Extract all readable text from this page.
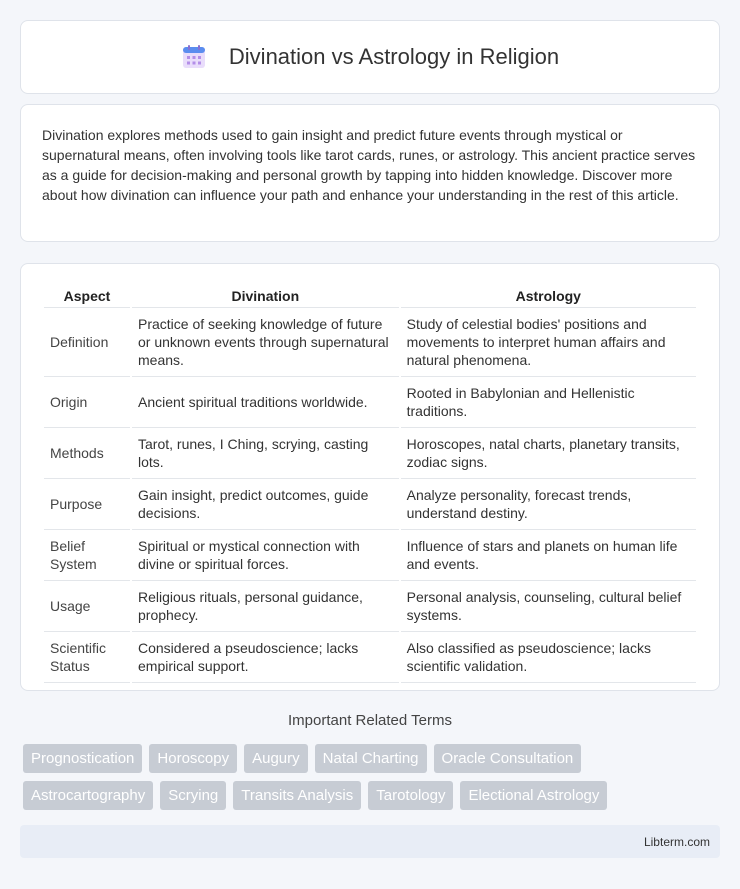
Divination vs Astrology in Religion

Divination explores methods used to gain insight and predict future events through mystical or supernatural means, often involving tools like tarot cards, runes, or astrology. This ancient practice serves as a guide for decision-making and personal growth by tapping into hidden knowledge. Discover more about how divination can influence your path and enhance your understanding in the rest of this article.

Aspect	Divination	Astrology
Definition	Practice of seeking knowledge of future or unknown events through supernatural means.	Study of celestial bodies' positions and movements to interpret human affairs and natural phenomena.
Origin	Ancient spiritual traditions worldwide.	Rooted in Babylonian and Hellenistic traditions.
Methods	Tarot, runes, I Ching, scrying, casting lots.	Horoscopes, natal charts, planetary transits, zodiac signs.
Purpose	Gain insight, predict outcomes, guide decisions.	Analyze personality, forecast trends, understand destiny.
Belief System	Spiritual or mystical connection with divine or spiritual forces.	Influence of stars and planets on human life and events.
Usage	Religious rituals, personal guidance, prophecy.	Personal analysis, counseling, cultural belief systems.
Scientific Status	Considered a pseudoscience; lacks empirical support.	Also classified as pseudoscience; lacks scientific validation.
Important Related Terms
Prognostication	Horoscopy	Augury	Natal Charting	Oracle Consultation
Astrocartography	Scrying	Transits Analysis	Tarotology	Electional Astrology
Libterm.com
